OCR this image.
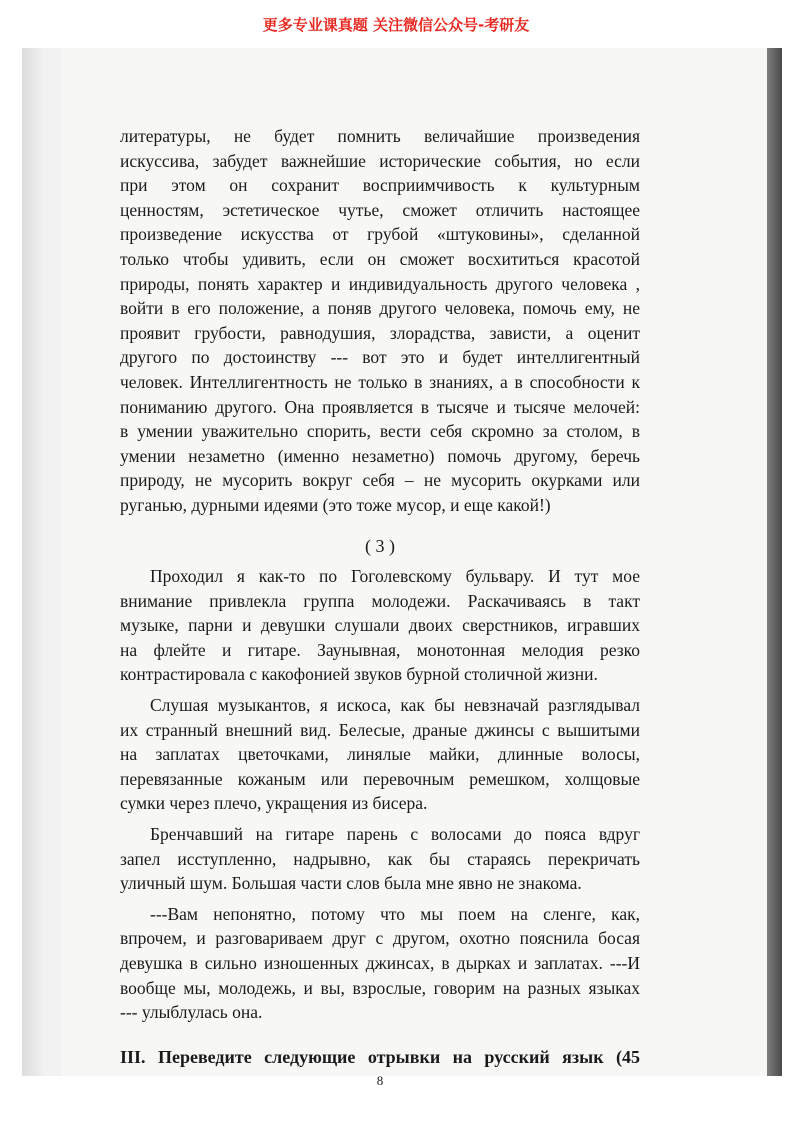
更多专业课真题 关注微信公众号-考研友
литературы, не будет помнить величайшие произведения
искуссива, забудет важнейшие исторические события, но если
при этом он сохранит восприимчивость к культурным
ценностям, эстетическое чутье, сможет отличить настоящее
произведение искусства от грубой «штуковины», сделанной
только чтобы удивить, если он сможет восхититься красотой
природы, понять характер и индивидуальность другого человека ,
войти в его положение, а поняв другого человека, помочь ему, не
проявит грубости, равнодушия, злорадства, зависти, а оценит
другого по достоинству --- вот это и будет интеллигентный
человек. Интеллигентность не только в знаниях, а в способности к
пониманию другого. Она проявляется в тысяче и тысяче мелочей:
в умении уважительно спорить, вести себя скромно за столом, в
умении незаметно (именно незаметно) помочь другому, беречь
природу, не мусорить вокруг себя – не мусорить окурками или
руганью, дурными идеями (это тоже мусор, и еще какой!)
( 3 )
Проходил я как-то по Гоголевскому бульвару. И тут мое
внимание привлекла группа молодежи. Раскачиваясь в такт
музыке, парни и девушки слушали двоих сверстников, игравших
на флейте и гитаре. Заунывная, монотонная мелодия резко
контрастировала с какофонией звуков бурной столичной жизни.
Слушая музыкантов, я искоса, как бы невзначай разглядывал
их странный внешний вид. Белесые, драные джинсы с вышитыми
на заплатах цветочками, линялые майки, длинные волосы,
перевязанные кожаным или перевочным ремешком, холщовые
сумки через плечо, укращения из бисера.
Бренчавший на гитаре парень с волосами до пояса вдруг
запел исступленно, надрывно, как бы стараясь перекричать
уличный шум. Большая части слов была мне явно не знакома.
---Вам непонятно, потому что мы поем на сленге, как,
впрочем, и разговариваем друг с другом, охотно пояснила босая
девушка в сильно изношенных джинсах, в дырках и заплатах. ---И
вообще мы, молодежь, и вы, взрослые, говорим на разных языках
--- улыблулась она.
III. Переведите следующие отрывки на русский язык (45
8
